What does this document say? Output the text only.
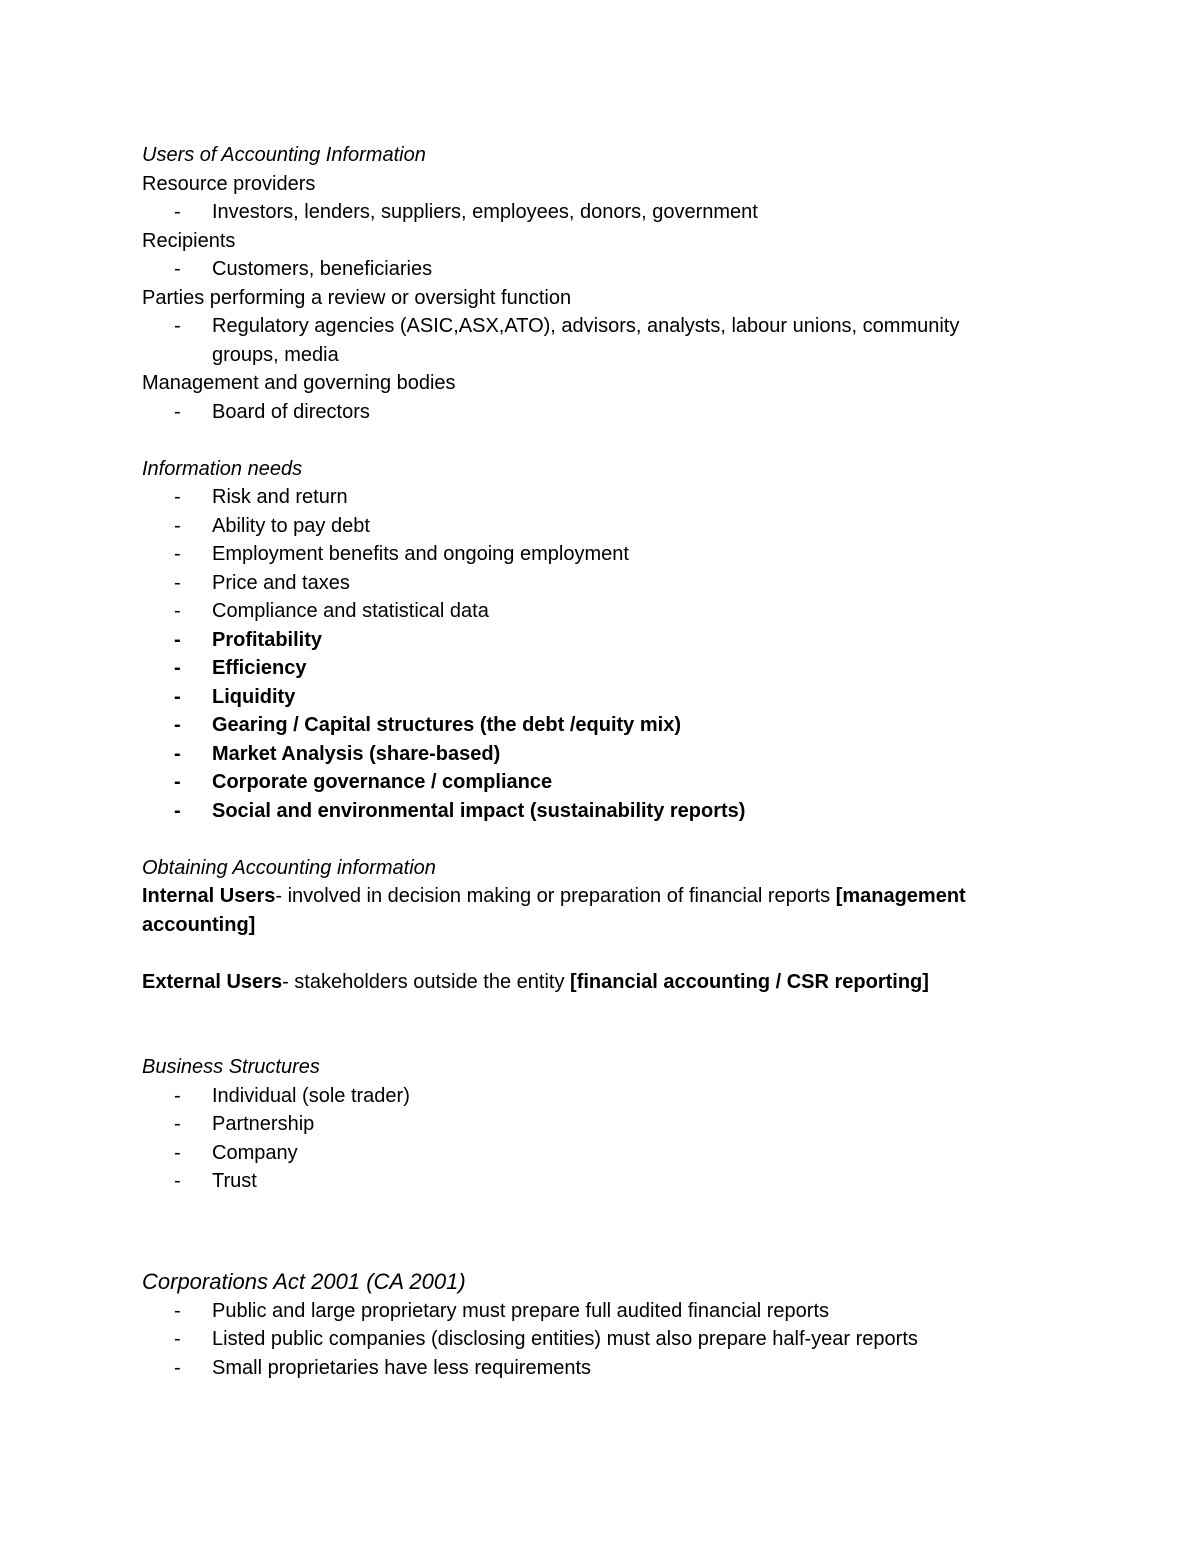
Users of Accounting Information
Resource providers
- Investors, lenders, suppliers, employees, donors, government
Recipients
- Customers, beneficiaries
Parties performing a review or oversight function
- Regulatory agencies (ASIC,ASX,ATO), advisors, analysts, labour unions, community groups, media
Management and governing bodies
- Board of directors
Information needs
- Risk and return
- Ability to pay debt
- Employment benefits and ongoing employment
- Price and taxes
- Compliance and statistical data
- Profitability
- Efficiency
- Liquidity
- Gearing / Capital structures (the debt /equity mix)
- Market Analysis (share-based)
- Corporate governance / compliance
- Social and environmental impact (sustainability reports)
Obtaining Accounting information
Internal Users- involved in decision making or preparation of financial reports [management accounting]
External Users- stakeholders outside the entity [financial accounting / CSR reporting]
Business Structures
- Individual (sole trader)
- Partnership
- Company
- Trust
Corporations Act 2001 (CA 2001)
- Public and large proprietary must prepare full audited financial reports
- Listed public companies (disclosing entities) must also prepare half-year reports
- Small proprietaries have less requirements
